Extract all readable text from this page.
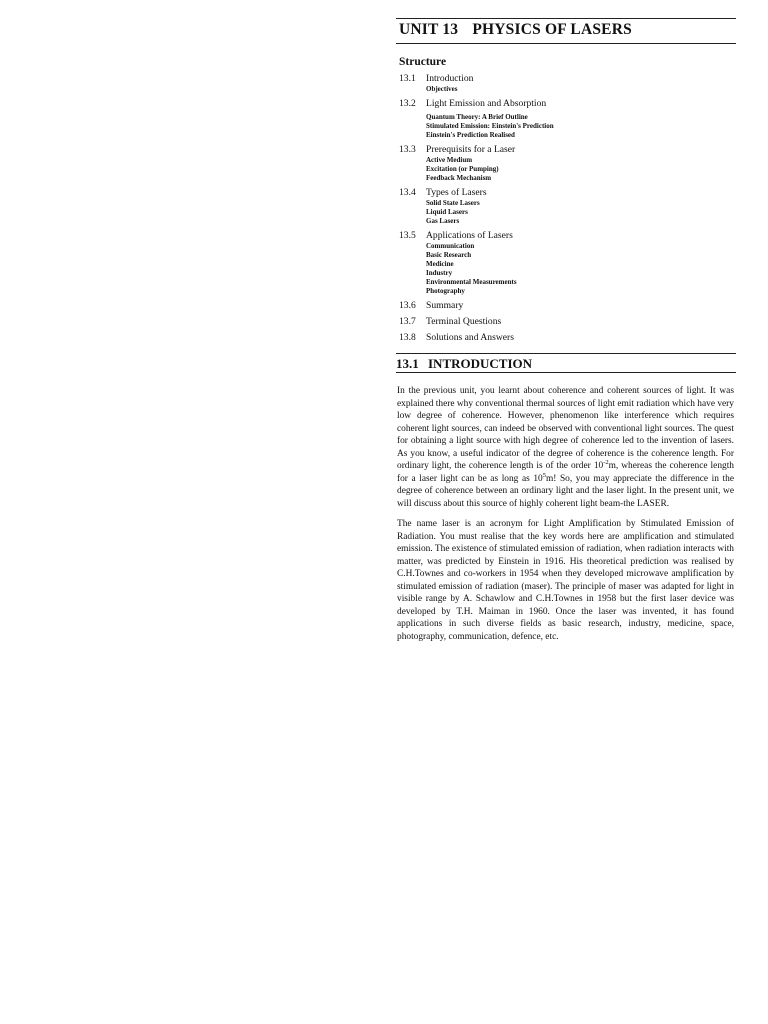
UNIT 13 PHYSICS OF LASERS
Structure
13.1	Introduction
Objectives
13.2	Light Emission and Absorption
Quantum Theory: A Brief Outline
Stimulated Emission: Einstein's Prediction
Einstein's Prediction Realised
13.3	Prerequisits for a Laser
Active Medium
Excitation (or Pumping)
Feedback Mechanism
13.4	Types of Lasers
Solid State Lasers
Liquid Lasers
Gas Lasers
13.5	Applications of Lasers
Communication
Basic Research
Medicine
Industry
Environmental Measurements
Photography
13.6	Summary
13.7	Terminal Questions
13.8	Solutions and Answers
13.1 INTRODUCTION

In the previous unit, you learnt about coherence and coherent sources of light. It was explained there why conventional thermal sources of light emit radiation which have very low degree of coherence. However, phenomenon like interference which requires coherent light sources, can indeed be observed with conventional light sources. The quest for obtaining a light source with high degree of coherence led to the invention of lasers. As you know, a useful indicator of the degree of coherence is the coherence length. For ordinary light, the coherence length is of the order $10^{-2}m$, whereas the coherence length for a laser light can be as long as $10^5m$! So, you may appreciate the difference in the degree of coherence between an ordinary light and the laser light. In the present unit, we will discuss about this source of highly coherent light beam-the LASER.

The name laser is an acronym for Light Amplification by Stimulated Emission of Radiation. You must realise that the key words here are amplification and stimulated emission. The existence of stimulated emission of radiation, when radiation interacts with matter, was predicted by Einstein in 1916. His theoretical prediction was realised by C.H.Townes and co-workers in 1954 when they developed microwave amplification by stimulated emission of radiation (maser). The principle of maser was adapted for light in visible range by A. Schawlow and C.H.Townes in 1958 but the first laser device was developed by T.H. Maiman in 1960. Once the laser was invented, it has found applications in such diverse fields as basic research, industry, medicine, space, photography, communication, defence, etc.
